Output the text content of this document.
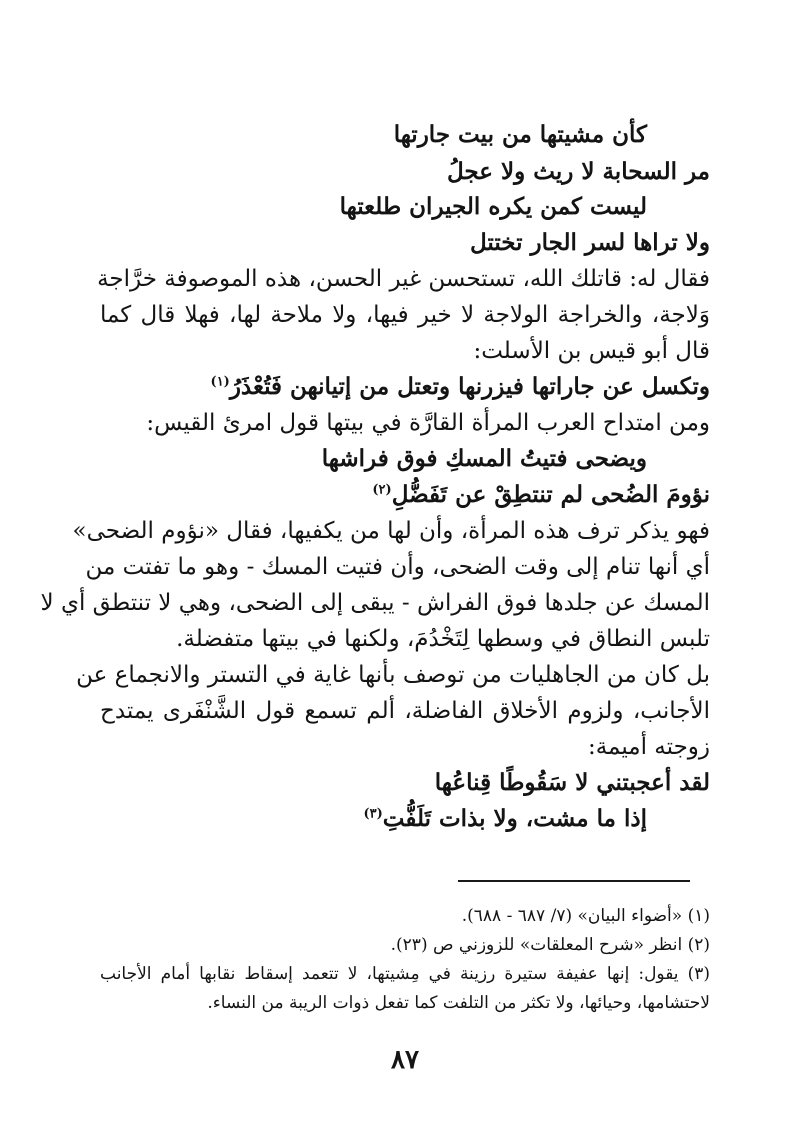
كأن مشيتها من بيت جارتها
مر السحابة لا ريث ولا عجلُ
ليست كمن يكره الجيران طلعتها
ولا تراها لسر الجار تختتل
فقال له: قاتلك الله، تستحسن غير الحسن، هذه الموصوفة خرَّاجة
وَلاجة، والخراجة الولاجة لا خير فيها، ولا ملاحة لها، فهلا قال كما
قال أبو قيس بن الأسلت:
وتكسل عن جاراتها فيزرنها وتعتل من إتيانهن فَتُعْذَرُ$^{(١)}$
ومن امتداح العرب المرأة القارَّة في بيتها قول امرئ القيس:
ويضحى فتيتُ المسكِ فوق فراشها
نؤومَ الضُحى لم تنتطِقْ عن تَفَضُّلِ$^{(٢)}$
فهو يذكر ترف هذه المرأة، وأن لها من يكفيها، فقال «نؤوم الضحى»
أي أنها تنام إلى وقت الضحى، وأن فتيت المسك - وهو ما تفتت من
المسك عن جلدها فوق الفراش - يبقى إلى الضحى، وهي لا تنتطق أي لا
تلبس النطاق في وسطها لِتَخْدُمَ، ولكنها في بيتها متفضلة.
بل كان من الجاهليات من توصف بأنها غاية في التستر والانجماع عن
الأجانب، ولزوم الأخلاق الفاضلة، ألم تسمع قول الشَّنْفَرى يمتدح
زوجته أميمة:
لقد أعجبتني لا سَقُوطًا قِناعُها
إذا ما مشت، ولا بذات تَلَفُّتِ$^{(٣)}$
(١) «أضواء البيان» (٧/ ٦٨٧ - ٦٨٨).
(٢) انظر «شرح المعلقات» للزوزني ص (٢٣).
(٣) يقول: إنها عفيفة ستيرة رزينة في مِشيتها، لا تتعمد إسقاط نقابها أمام الأجانب
لاحتشامها، وحيائها، ولا تكثر من التلفت كما تفعل ذوات الريبة من النساء.
٨٧
